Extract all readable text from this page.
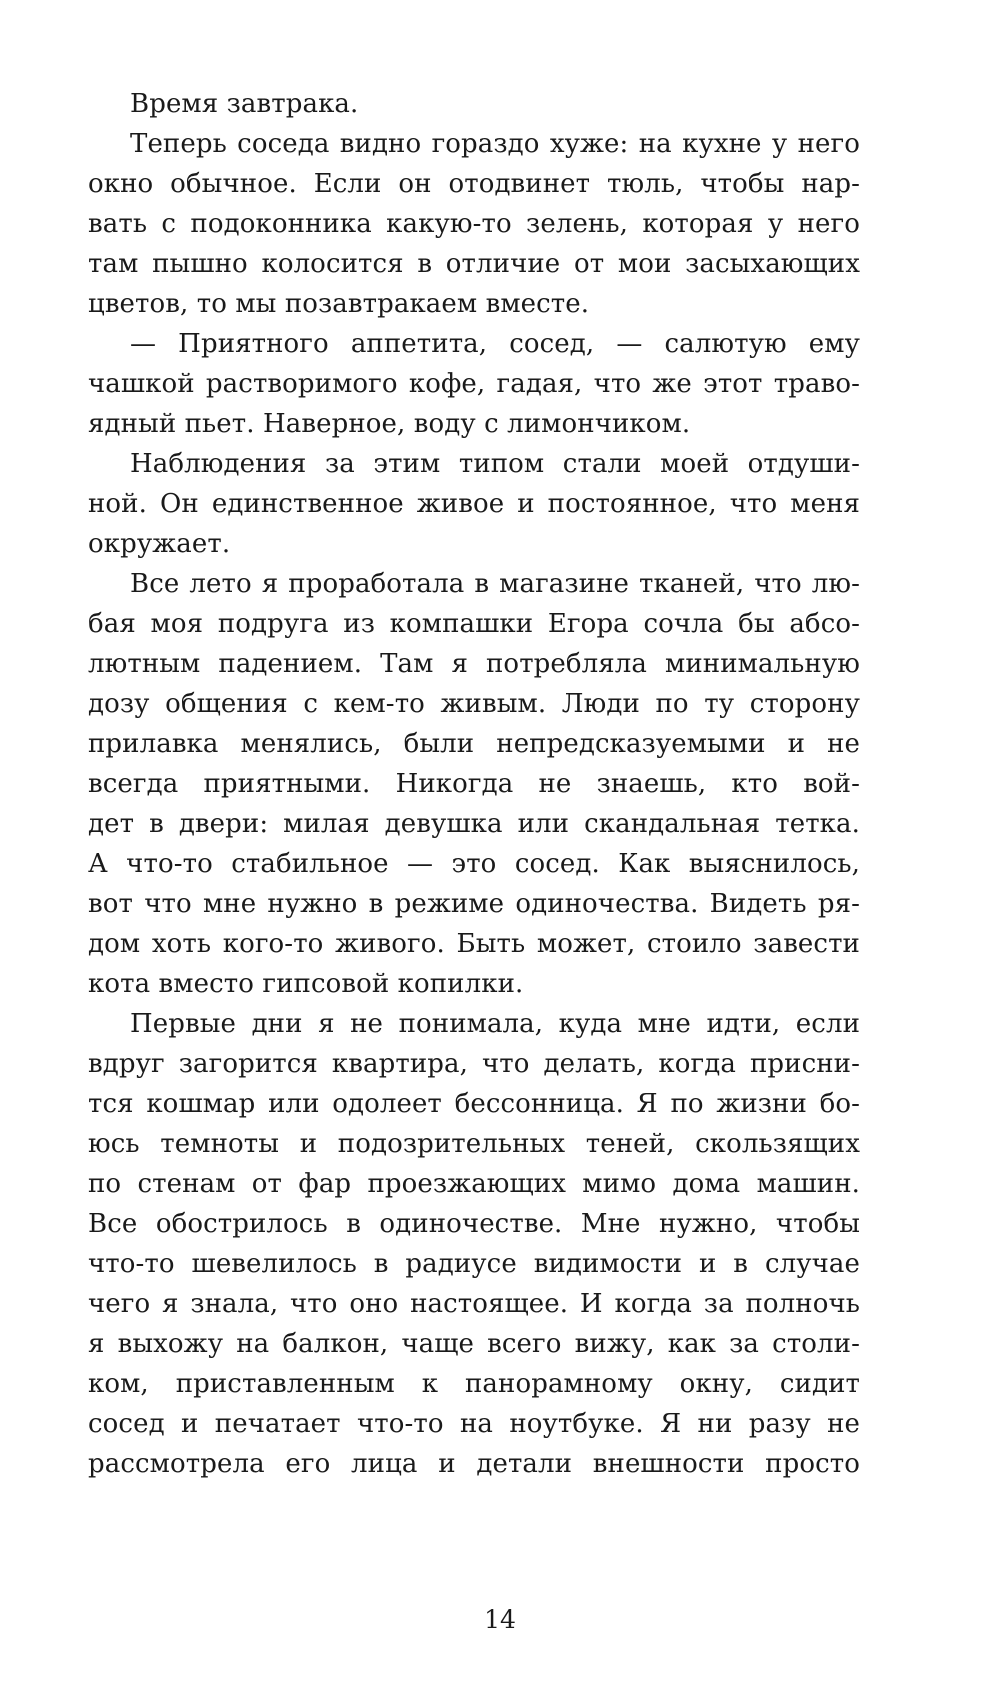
Время завтрака.
Теперь соседа видно гораздо хуже: на кухне у него
окно обычное. Если он отодвинет тюль, чтобы нар-
вать с подоконника какую-то зелень, которая у него
там пышно колосится в отличие от мои засыхающих
цветов, то мы позавтракаем вместе.
— Приятного аппетита, сосед, — салютую ему
чашкой растворимого кофе, гадая, что же этот траво-
ядный пьет. Наверное, воду с лимончиком.
Наблюдения за этим типом стали моей отдуши-
ной. Он единственное живое и постоянное, что меня
окружает.
Все лето я проработала в магазине тканей, что лю-
бая моя подруга из компашки Егора сочла бы абсо-
лютным падением. Там я потребляла минимальную
дозу общения с кем-то живым. Люди по ту сторону
прилавка менялись, были непредсказуемыми и не
всегда приятными. Никогда не знаешь, кто вой-
дет в двери: милая девушка или скандальная тетка.
А что-то стабильное — это сосед. Как выяснилось,
вот что мне нужно в режиме одиночества. Видеть ря-
дом хоть кого-то живого. Быть может, стоило завести
кота вместо гипсовой копилки.
Первые дни я не понимала, куда мне идти, если
вдруг загорится квартира, что делать, когда присни-
тся кошмар или одолеет бессонница. Я по жизни бо-
юсь темноты и подозрительных теней, скользящих
по стенам от фар проезжающих мимо дома машин.
Все обострилось в одиночестве. Мне нужно, чтобы
что-то шевелилось в радиусе видимости и в случае
чего я знала, что оно настоящее. И когда за полночь
я выхожу на балкон, чаще всего вижу, как за столи-
ком, приставленным к панорамному окну, сидит
сосед и печатает что-то на ноутбуке. Я ни разу не
рассмотрела его лица и детали внешности просто
14
